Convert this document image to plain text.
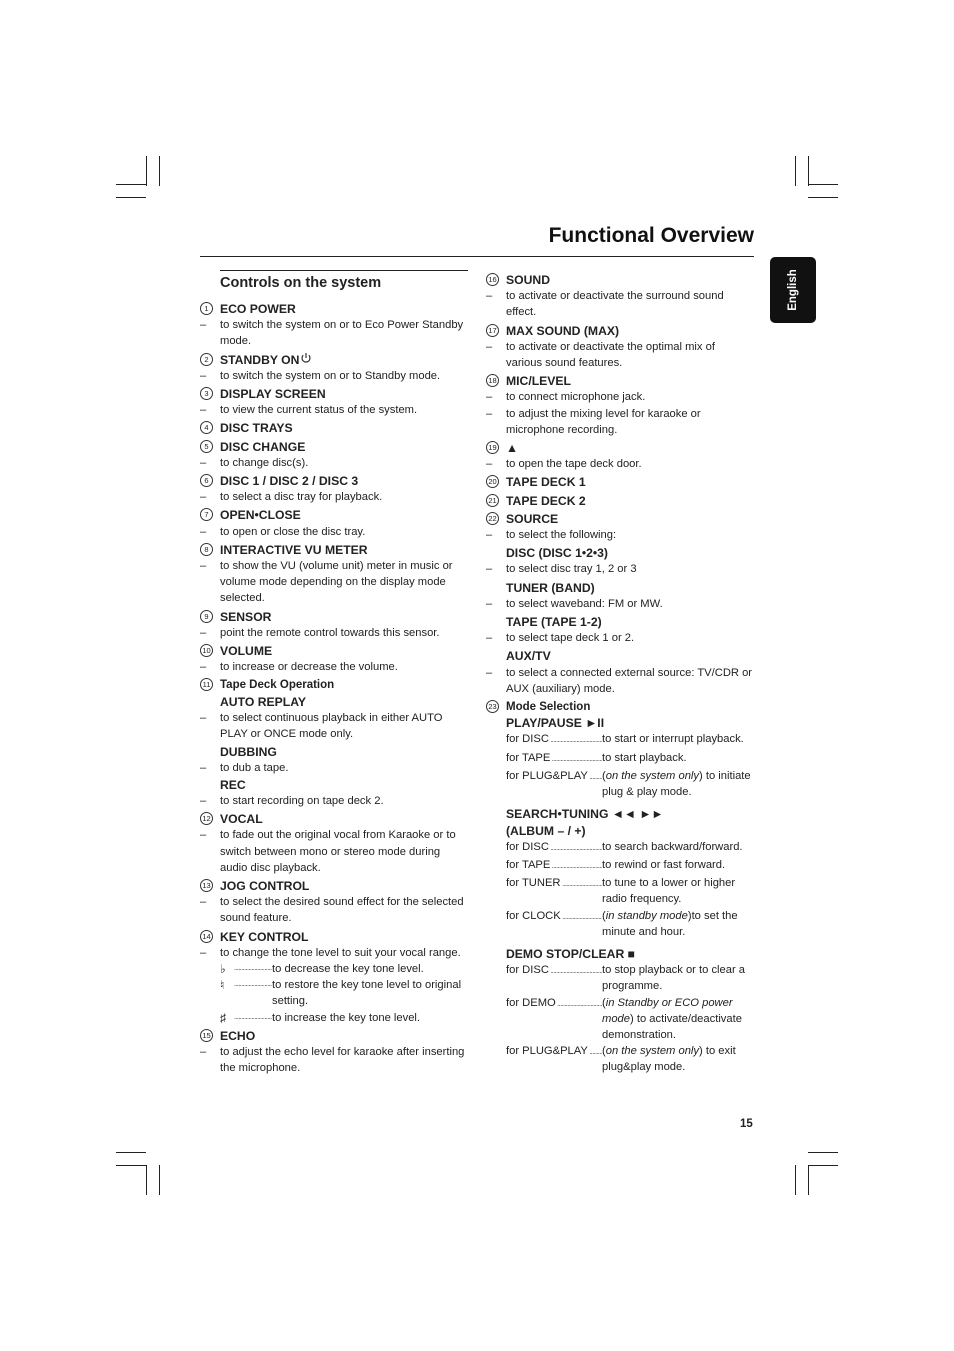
Functional Overview
English
15
Controls on the system
1 ECO POWER
–	to switch the system on or to Eco Power Standby mode.
2 STANDBY ON
–	to switch the system on or to Standby mode.
3 DISPLAY SCREEN
–	to view the current status of the system.
4 DISC TRAYS
5 DISC CHANGE
–	to change disc(s).
6 DISC 1 / DISC 2 / DISC 3
–	to select a disc tray for playback.
7 OPEN•CLOSE
–	to open or close the disc tray.
8 INTERACTIVE VU METER
–	to show the VU (volume unit) meter in music or volume mode depending on the display mode selected.
9 SENSOR
–	point the remote control towards this sensor.
10 VOLUME
–	to increase or decrease the volume.
11 Tape Deck Operation
AUTO REPLAY
–	to select continuous playback in either AUTO PLAY or ONCE mode only.
DUBBING
–	to dub a tape.
REC
–	to start recording on tape deck 2.
12 VOCAL
–	to fade out the original vocal from Karaoke or to switch between mono or stereo mode during audio disc playback.
13 JOG CONTROL
–	to select the desired sound effect for the selected sound feature.
14 KEY CONTROL
–	to change the tone level to suit your vocal range.
♭ .....	to decrease the key tone level.
♮ .....	to restore the key tone level to original setting.
♯ .....	to increase the key tone level.
15 ECHO
–	to adjust the echo level for karaoke after inserting the microphone.
16 SOUND
–	to activate or deactivate the surround sound effect.
17 MAX SOUND (MAX)
–	to activate or deactivate the optimal mix of various sound features.
18 MIC/LEVEL
–	to connect microphone jack.
–	to adjust the mixing level for karaoke or microphone recording.
19 ▲
–	to open the tape deck door.
20 TAPE DECK 1
21 TAPE DECK 2
22 SOURCE
–	to select the following:
DISC (DISC 1•2•3)
–	to select disc tray 1, 2 or 3
TUNER (BAND)
–	to select waveband: FM or MW.
TAPE (TAPE 1-2)
–	to select tape deck 1 or 2.
AUX/TV
–	to select a connected external source: TV/CDR or AUX (auxiliary) mode.
23 Mode Selection
PLAY/PAUSE ►II
for DISC .....	to start or interrupt playback.
for TAPE .....	to start playback.
for PLUG&PLAY .....	(on the system only) to initiate plug & play mode.
SEARCH•TUNING ◄◄ ►►
(ALBUM – / +)
for DISC .....	to search backward/forward.
for TAPE .....	to rewind or fast forward.
for TUNER .....	to tune to a lower or higher radio frequency.
for CLOCK .....	(in standby mode)to set the minute and hour.
DEMO STOP/CLEAR ■
for DISC .....	to stop playback or to clear a programme.
for DEMO .....	(in Standby or ECO power mode) to activate/deactivate demonstration.
for PLUG&PLAY .....	(on the system only) to exit plug&play mode.
